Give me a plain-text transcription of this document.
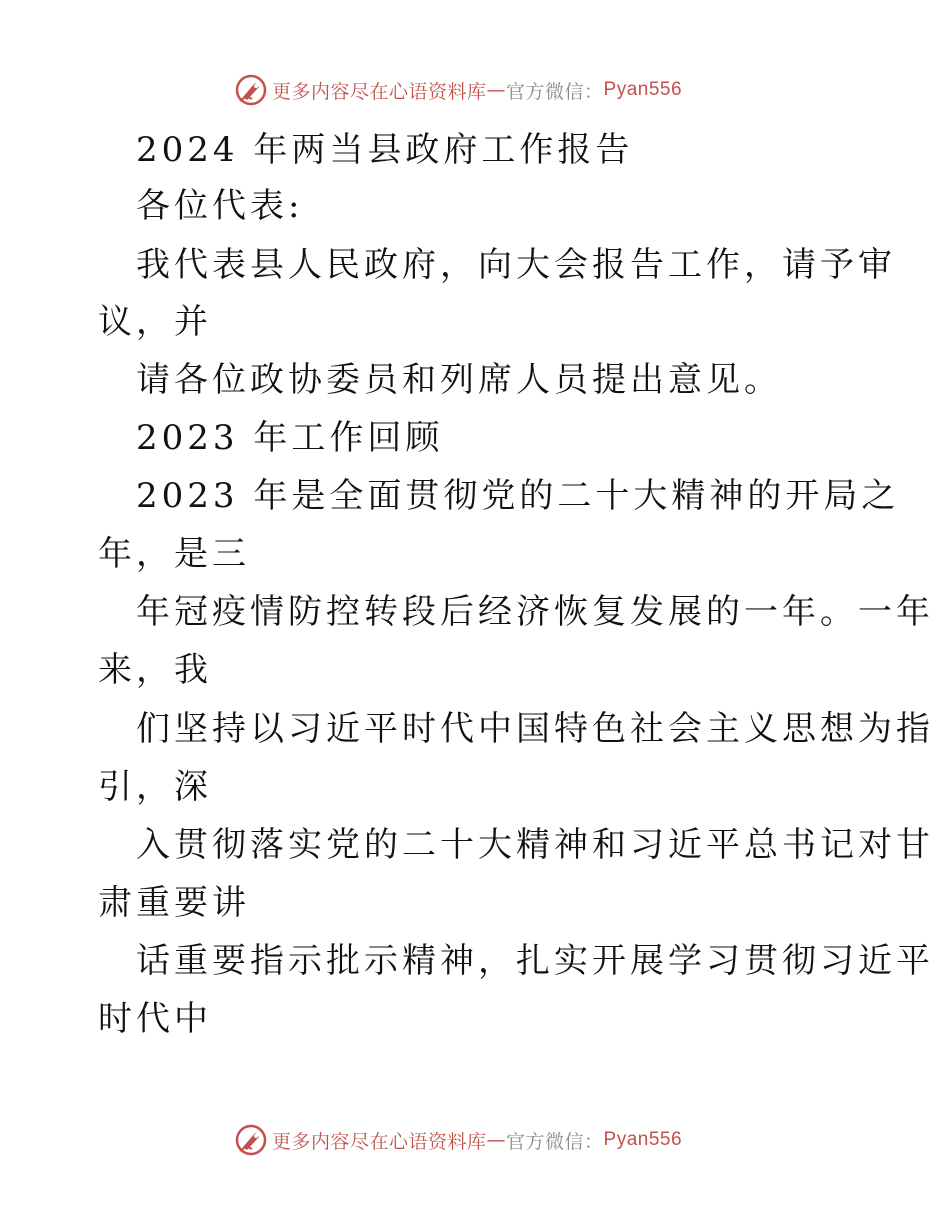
更多内容尽在心语资料库 — 官方微信： Pyan556
2024 年两当县政府工作报告
各位代表:
我代表县人民政府，向大会报告工作，请予审
议，并
请各位政协委员和列席人员提出意见。
2023 年工作回顾
2023 年是全面贯彻党的二十大精神的开局之
年，是三
年冠疫情防控转段后经济恢复发展的一年。一年
来，我
们坚持以习近平时代中国特色社会主义思想为指
引，深
入贯彻落实党的二十大精神和习近平总书记对甘
肃重要讲
话重要指示批示精神，扎实开展学习贯彻习近平
时代中
更多内容尽在心语资料库 — 官方微信： Pyan556
